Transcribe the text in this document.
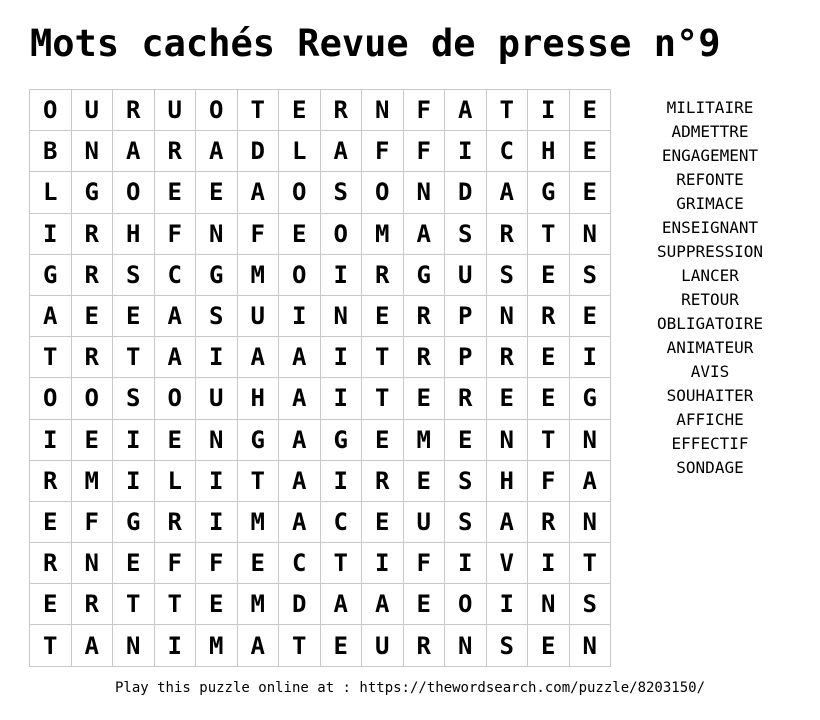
Mots cachés Revue de presse n°9
O	U	R	U	O	T	E	R	N	F	A	T	I	E
B	N	A	R	A	D	L	A	F	F	I	C	H	E
L	G	O	E	E	A	O	S	O	N	D	A	G	E
I	R	H	F	N	F	E	O	M	A	S	R	T	N
G	R	S	C	G	M	O	I	R	G	U	S	E	S
A	E	E	A	S	U	I	N	E	R	P	N	R	E
T	R	T	A	I	A	A	I	T	R	P	R	E	I
O	O	S	O	U	H	A	I	T	E	R	E	E	G
I	E	I	E	N	G	A	G	E	M	E	N	T	N
R	M	I	L	I	T	A	I	R	E	S	H	F	A
E	F	G	R	I	M	A	C	E	U	S	A	R	N
R	N	E	F	F	E	C	T	I	F	I	V	I	T
E	R	T	T	E	M	D	A	A	E	O	I	N	S
T	A	N	I	M	A	T	E	U	R	N	S	E	N
MILITAIRE
ADMETTRE
ENGAGEMENT
REFONTE
GRIMACE
ENSEIGNANT
SUPPRESSION
LANCER
RETOUR
OBLIGATOIRE
ANIMATEUR
AVIS
SOUHAITER
AFFICHE
EFFECTIF
SONDAGE
Play this puzzle online at : https://thewordsearch.com/puzzle/8203150/
